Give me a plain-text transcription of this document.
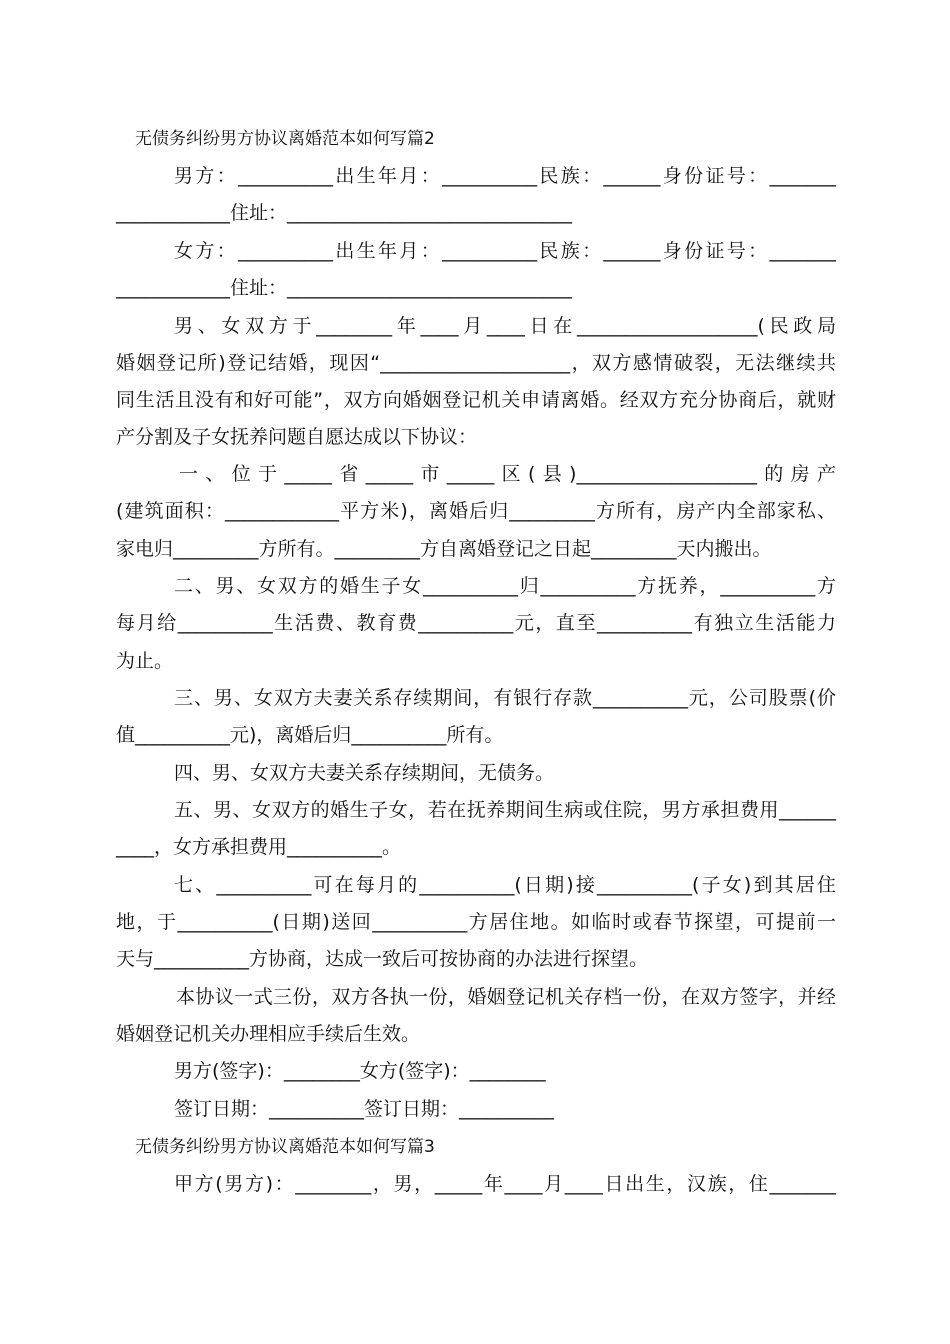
无债务纠纷男方协议离婚范本如何写篇2

男方：__________出生年月：__________民族：______身份证号：_______

____________住址：______________________________

女方：__________出生年月：__________民族：______身份证号：_______

____________住址：______________________________

男、女双方于________年____月____日在___________________(民政局

婚姻登记所)登记结婚，现因“____________________，双方感情破裂，无法继续共

同生活且没有和好可能”，双方向婚姻登记机关申请离婚。经双方充分协商后，就财

产分割及子女抚养问题自愿达成以下协议：

一、位于_____省_____市_____区(县)___________________的房产

(建筑面积：____________平方米)，离婚后归_________方所有，房产内全部家私、

家电归_________方所有。_________方自离婚登记之日起_________天内搬出。

二、男、女双方的婚生子女__________归__________方抚养，__________方

每月给__________生活费、教育费__________元，直至__________有独立生活能力

为止。

三、男、女双方夫妻关系存续期间，有银行存款__________元，公司股票(价

值__________元)，离婚后归__________所有。

四、男、女双方夫妻关系存续期间，无债务。

五、男、女双方的婚生子女，若在抚养期间生病或住院，男方承担费用______

____，女方承担费用__________。

七、__________可在每月的__________(日期)接__________(子女)到其居住

地，于__________(日期)送回__________方居住地。如临时或春节探望，可提前一

天与__________方协商，达成一致后可按协商的办法进行探望。

本协议一式三份，双方各执一份，婚姻登记机关存档一份，在双方签字，并经

婚姻登记机关办理相应手续后生效。

男方(签字)：________女方(签字)：________

签订日期：__________签订日期：__________

无债务纠纷男方协议离婚范本如何写篇3

甲方(男方)：________，男，_____年____月____日出生，汉族，住_______
